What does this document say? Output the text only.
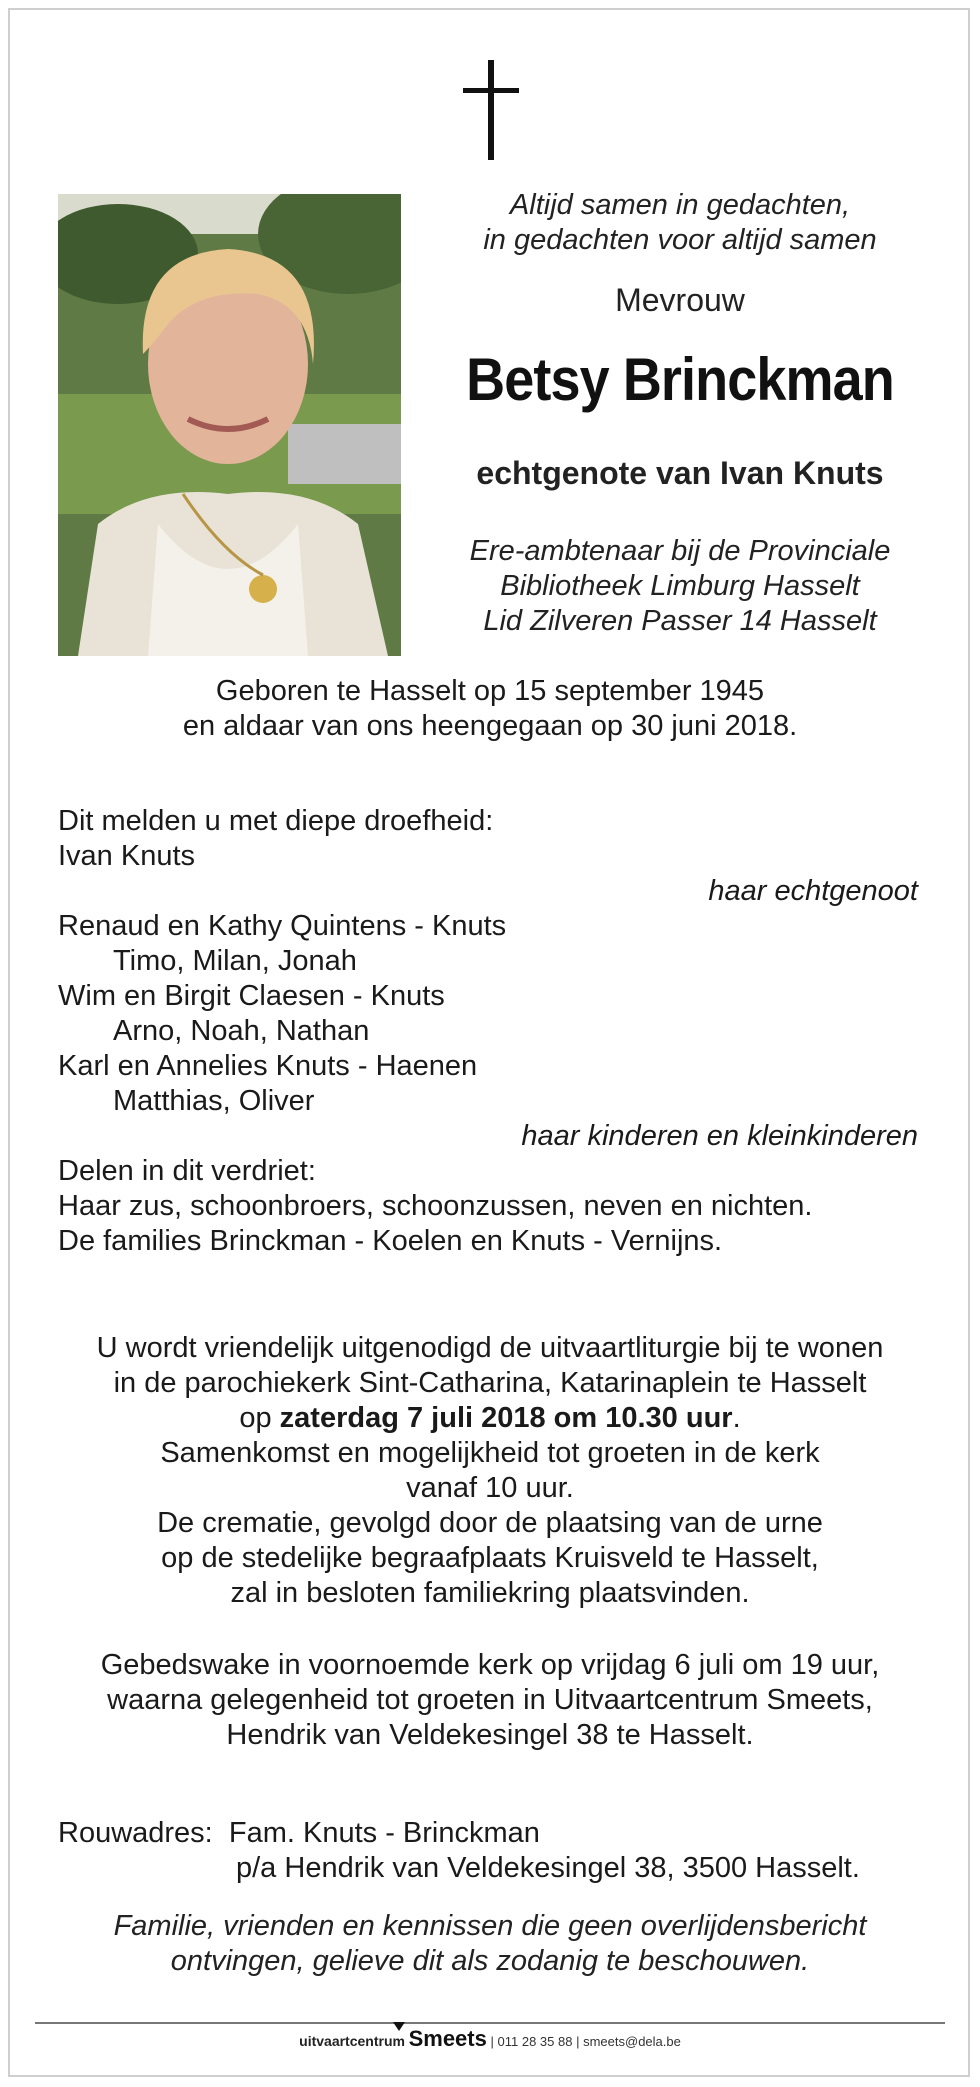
Altijd samen in gedachten,
in gedachten voor altijd samen
Mevrouw
Betsy Brinckman
echtgenote van Ivan Knuts
Ere-ambtenaar bij de Provinciale
Bibliotheek Limburg Hasselt
Lid Zilveren Passer 14 Hasselt
Geboren te Hasselt op 15 september 1945
en aldaar van ons heengegaan op 30 juni 2018.
Dit melden u met diepe droefheid:
Ivan Knuts
haar echtgenoot
Renaud en Kathy Quintens - Knuts
Timo, Milan, Jonah
Wim en Birgit Claesen - Knuts
Arno, Noah, Nathan
Karl en Annelies Knuts - Haenen
Matthias, Oliver
haar kinderen en kleinkinderen
Delen in dit verdriet:
Haar zus, schoonbroers, schoonzussen, neven en nichten.
De families Brinckman - Koelen en Knuts - Vernijns.
U wordt vriendelijk uitgenodigd de uitvaartliturgie bij te wonen
in de parochiekerk Sint-Catharina, Katarinaplein te Hasselt
op zaterdag 7 juli 2018 om 10.30 uur.
Samenkomst en mogelijkheid tot groeten in de kerk
vanaf 10 uur.
De crematie, gevolgd door de plaatsing van de urne
op de stedelijke begraafplaats Kruisveld te Hasselt,
zal in besloten familiekring plaatsvinden.
Gebedswake in voornoemde kerk op vrijdag 6 juli om 19 uur,
waarna gelegenheid tot groeten in Uitvaartcentrum Smeets,
Hendrik van Veldekesingel 38 te Hasselt.
Rouwadres: Fam. Knuts - Brinckman
p/a Hendrik van Veldekesingel 38, 3500 Hasselt.
Familie, vrienden en kennissen die geen overlijdensbericht
ontvingen, gelieve dit als zodanig te beschouwen.
uitvaartcentrum Smeets | 011 28 35 88 | smeets@dela.be
